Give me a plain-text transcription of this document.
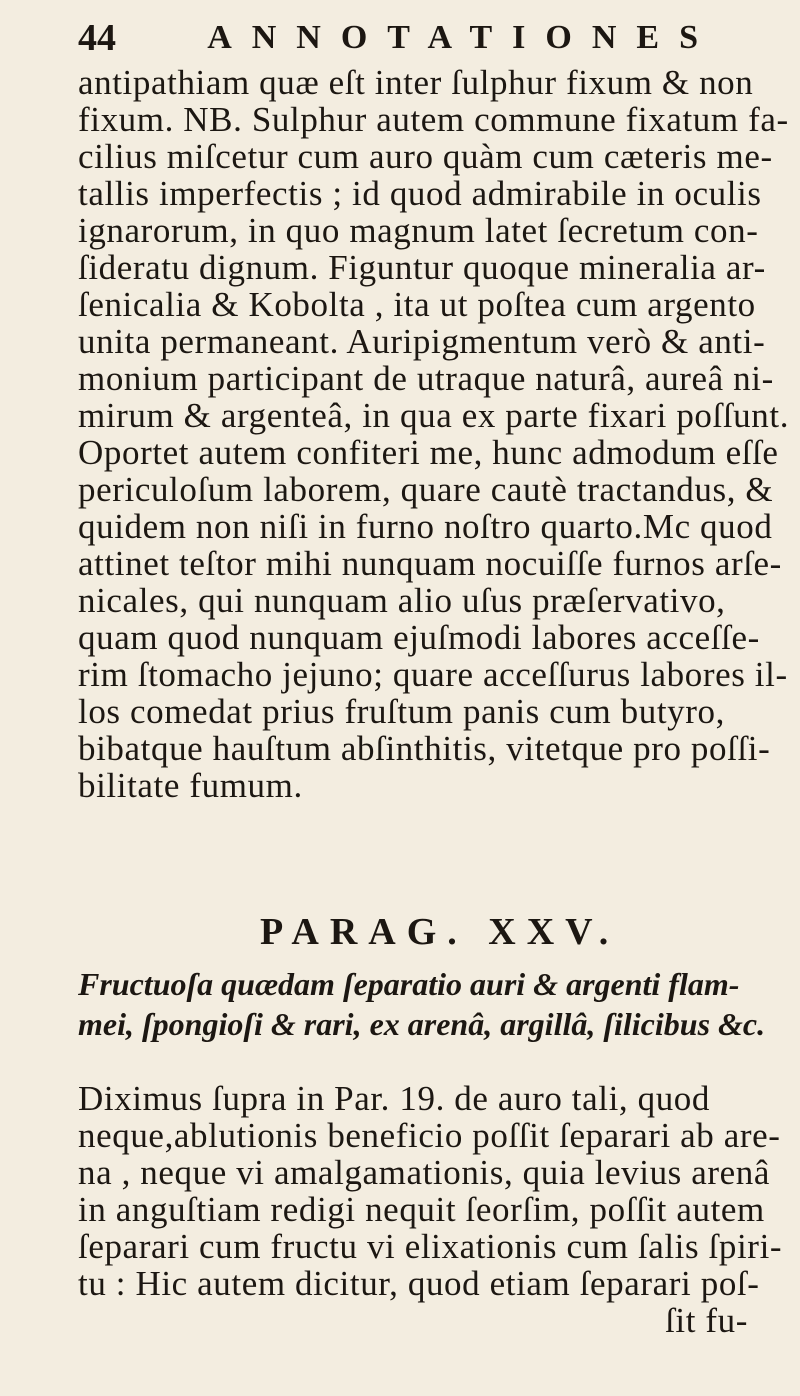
44	ANNOTATIONES
antipathiam quæ eſt inter ſulphur fixum & non
fixum. NB. Sulphur autem commune fixatum fa-
cilius miſcetur cum auro quàm cum cæteris me-
tallis imperfectis ; id quod admirabile in oculis
ignarorum, in quo magnum latet ſecretum con-
ſideratu dignum. Figuntur quoque mineralia ar-
ſenicalia & Kobolta , ita ut poſtea cum argento
unita permaneant. Auripigmentum verò & anti-
monium participant de utraque naturâ, aureâ ni-
mirum & argenteâ, in qua ex parte fixari poſſunt.
Oportet autem confiteri me, hunc admodum eſſe
periculoſum laborem, quare cautè tractandus, &
quidem non niſi in furno noſtro quarto.Mc quod
attinet teſtor mihi nunquam nocuiſſe furnos arſe-
nicales, qui nunquam alio uſus præſervativo,
quam quod nunquam ejuſmodi labores acceſſe-
rim ſtomacho jejuno; quare acceſſurus labores il-
los comedat prius fruſtum panis cum butyro,
bibatque hauſtum abſinthitis, vitetque pro poſſi-
bilitate fumum.
PARAG. XXV.
Fructuoſa quædam ſeparatio auri & argenti flam-
mei, ſpongioſi & rari, ex arenâ, argillâ, ſilicibus &c.
Diximus ſupra in Par. 19. de auro tali, quod
neque,ablutionis beneficio poſſit ſeparari ab are-
na , neque vi amalgamationis, quia levius arenâ
in anguſtiam redigi nequit ſeorſim, poſſit autem
ſeparari cum fructu vi elixationis cum ſalis ſpiri-
tu : Hic autem dicitur, quod etiam ſeparari poſ-
ſit fu-
